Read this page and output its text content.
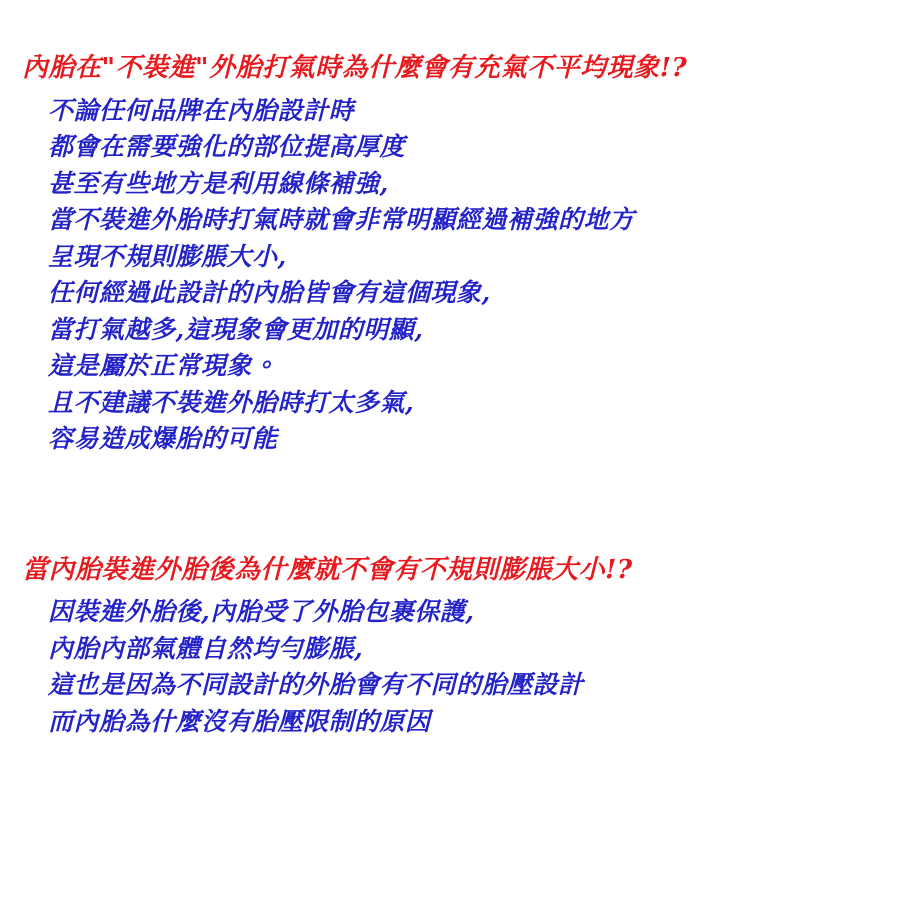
內胎在"不裝進"外胎打氣時為什麼會有充氣不平均現象!?
不論任何品牌在內胎設計時
都會在需要強化的部位提高厚度
甚至有些地方是利用線條補強,
當不裝進外胎時打氣時就會非常明顯經過補強的地方
呈現不規則膨脹大小,
任何經過此設計的內胎皆會有這個現象,
當打氣越多,這現象會更加的明顯,
這是屬於正常現象。
且不建議不裝進外胎時打太多氣,
容易造成爆胎的可能
當內胎裝進外胎後為什麼就不會有不規則膨脹大小!?
因裝進外胎後,內胎受了外胎包裹保護,
內胎內部氣體自然均勻膨脹,
這也是因為不同設計的外胎會有不同的胎壓設計
而內胎為什麼沒有胎壓限制的原因
